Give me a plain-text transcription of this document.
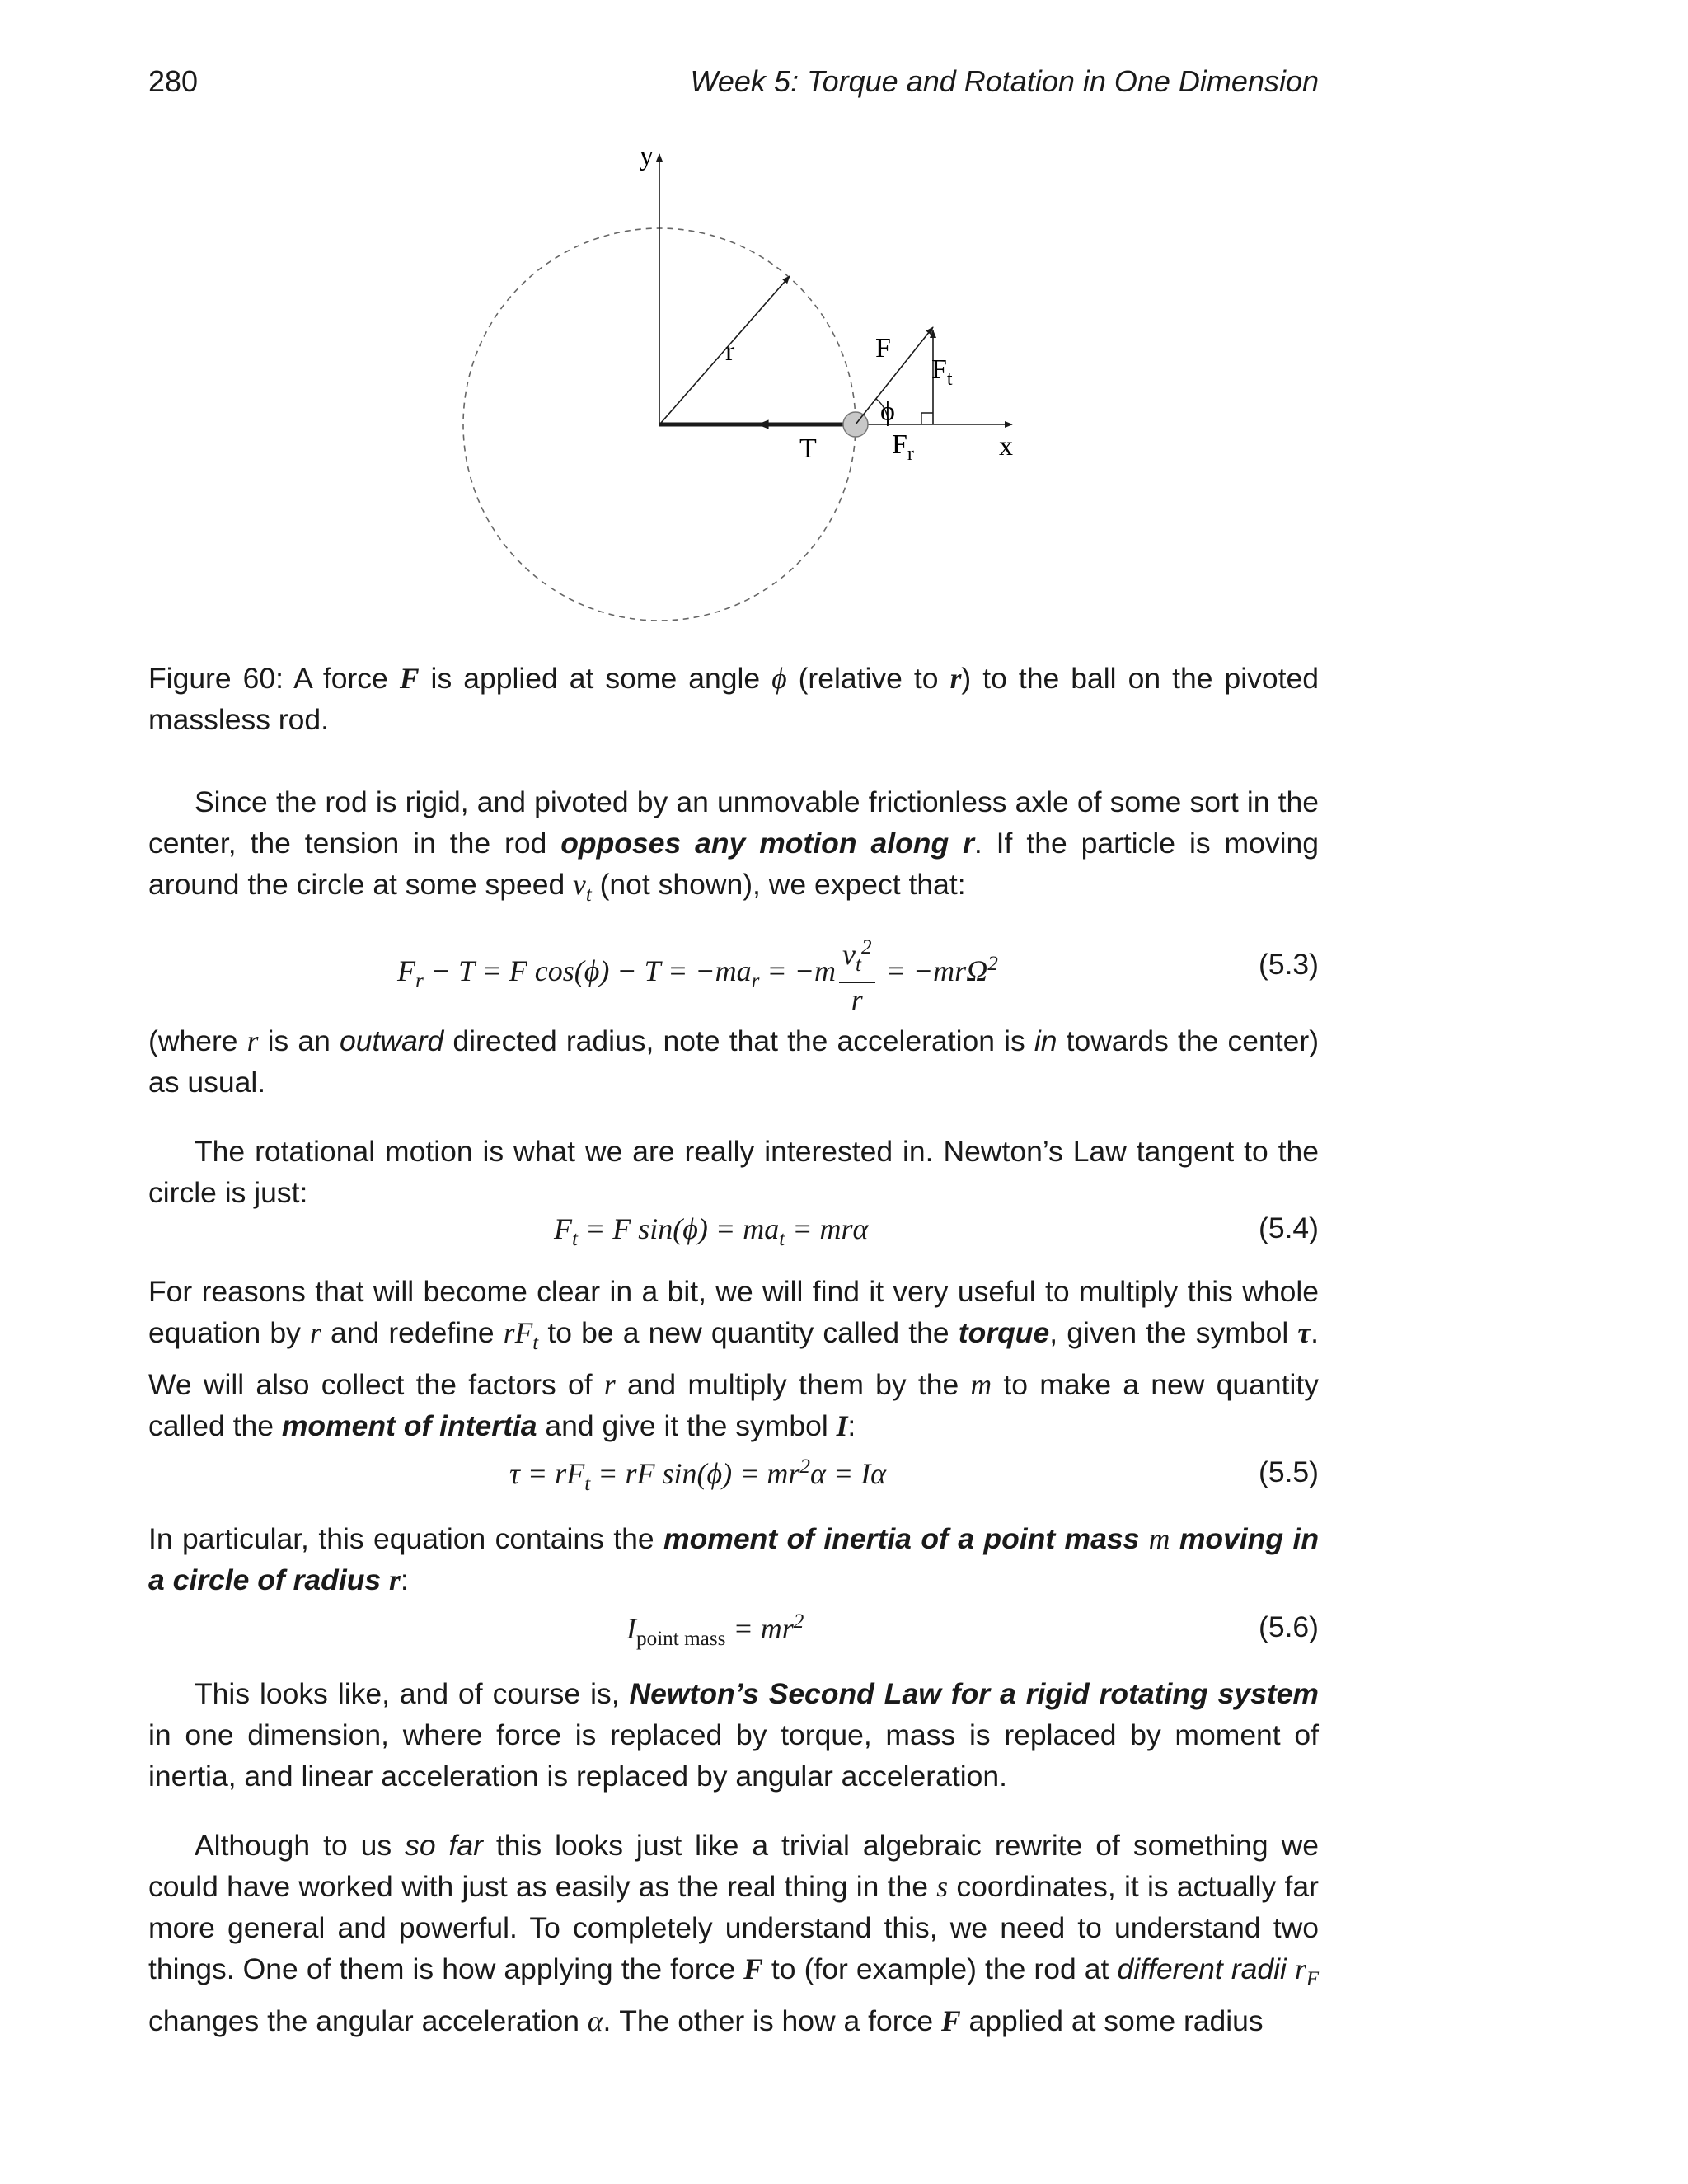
280	Week 5: Torque and Rotation in One Dimension
y
x
r	F
$F_t$
$F_r$
ϕ
T
Figure 60: A force F is applied at some angle ϕ (relative to r) to the ball on the pivoted massless rod.
Since the rod is rigid, and pivoted by an unmovable frictionless axle of some sort in the center, the tension in the rod opposes any motion along r. If the particle is moving around the circle at some speed $v_t$ (not shown), we expect that:
$F_r - T = F$ $\cos(\phi) - T = -ma_r = -m \frac{v_t^2}{r} = -mr\Omega^2$	(5.3)
(where r is an outward directed radius, note that the acceleration is in towards the center) as usual.
The rotational motion is what we are really interested in. Newton’s Law tangent to the circle is just:
$F_t = F$ $\sin(\phi) = ma_t = mr\alpha$	(5.4)
For reasons that will become clear in a bit, we will find it very useful to multiply this whole equation by r and redefine $rF_t$ to be a new quantity called the torque, given the symbol τ. We will also collect the factors of r and multiply them by the m to make a new quantity called the moment of intertia and give it the symbol I:
$\tau = rF_t$ = rF $\sin(\phi) = mr^2\alpha = I\alpha$	(5.5)
In particular, this equation contains the moment of inertia of a point mass m moving in a circle of radius r:
$I_{point mass} = mr^2$	(5.6)
This looks like, and of course is, Newton’s Second Law for a rigid rotating system in one dimension, where force is replaced by torque, mass is replaced by moment of inertia, and linear acceleration is replaced by angular acceleration.
Although to us so far this looks just like a trivial algebraic rewrite of something we could have worked with just as easily as the real thing in the s coordinates, it is actually far more general and powerful. To completely understand this, we need to understand two things. One of them is how applying the force F to (for example) the rod at different radii $r_F$ changes the angular acceleration α. The other is how a force F applied at some radius
